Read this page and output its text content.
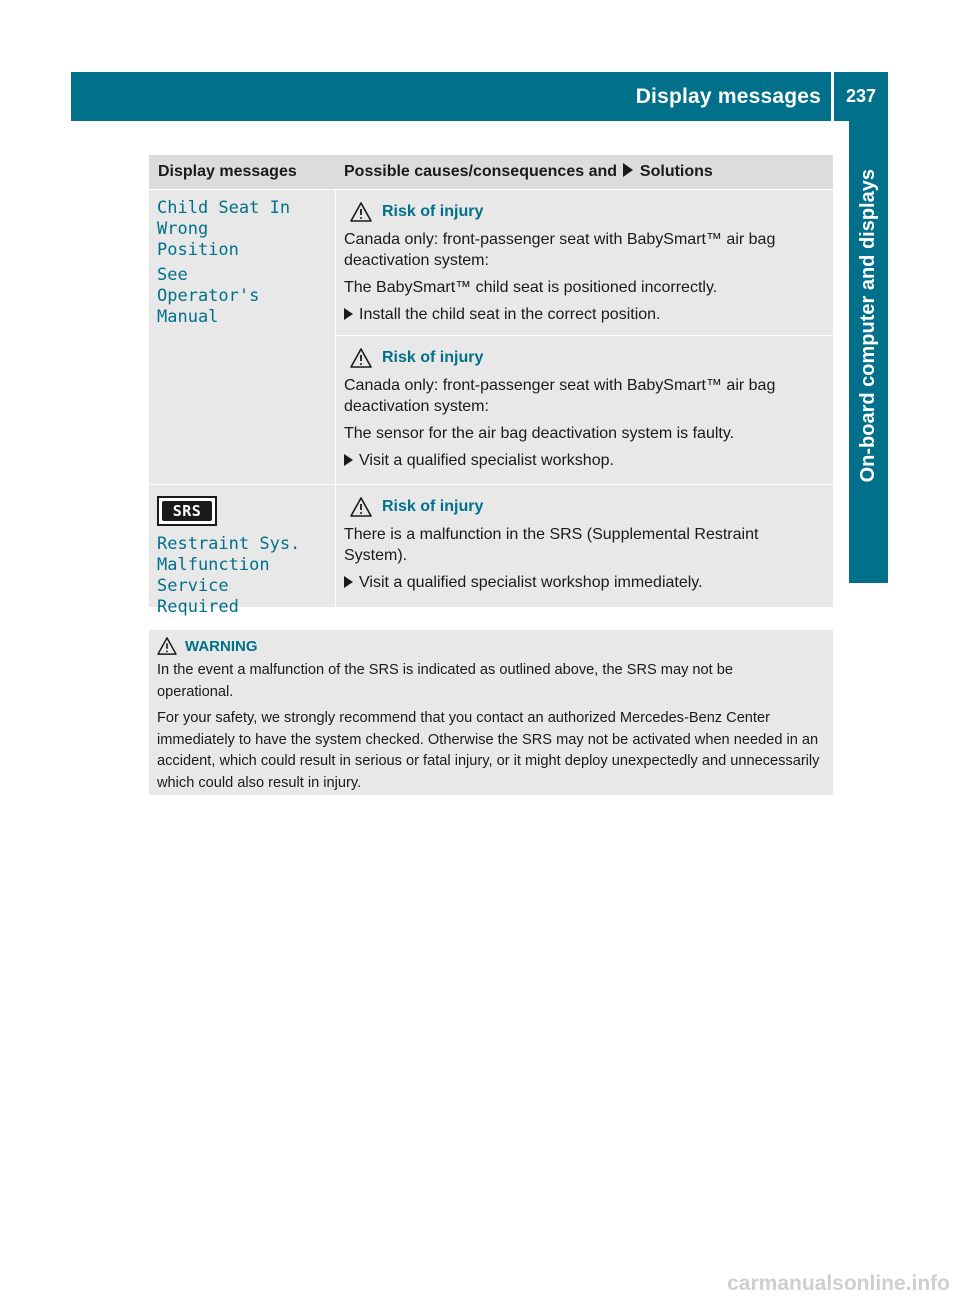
Display messages	237
On-board computer and displays
Display messages	Possible causes/consequences and Solutions

Child Seat In Wrong Position

See Operator's Manual

Risk of injury

Canada only: front-passenger seat with BabySmart™ air bag deactivation system:

The BabySmart™ child seat is positioned incorrectly.

Install the child seat in the correct position.
Risk of injury

Canada only: front-passenger seat with BabySmart™ air bag deactivation system:

The sensor for the air bag deactivation system is faulty.

Visit a qualified specialist workshop.
SRS

Restraint Sys. Malfunction Service Required

Risk of injury

There is a malfunction in the SRS (Supplemental Restraint System).

Visit a qualified specialist workshop immediately.
WARNING

In the event a malfunction of the SRS is indicated as outlined above, the SRS may not be operational.

For your safety, we strongly recommend that you contact an authorized Mercedes-Benz Center immediately to have the system checked. Otherwise the SRS may not be activated when needed in an accident, which could result in serious or fatal injury, or it might deploy unexpectedly and unnecessarily which could also result in injury.

carmanualsonline.info
